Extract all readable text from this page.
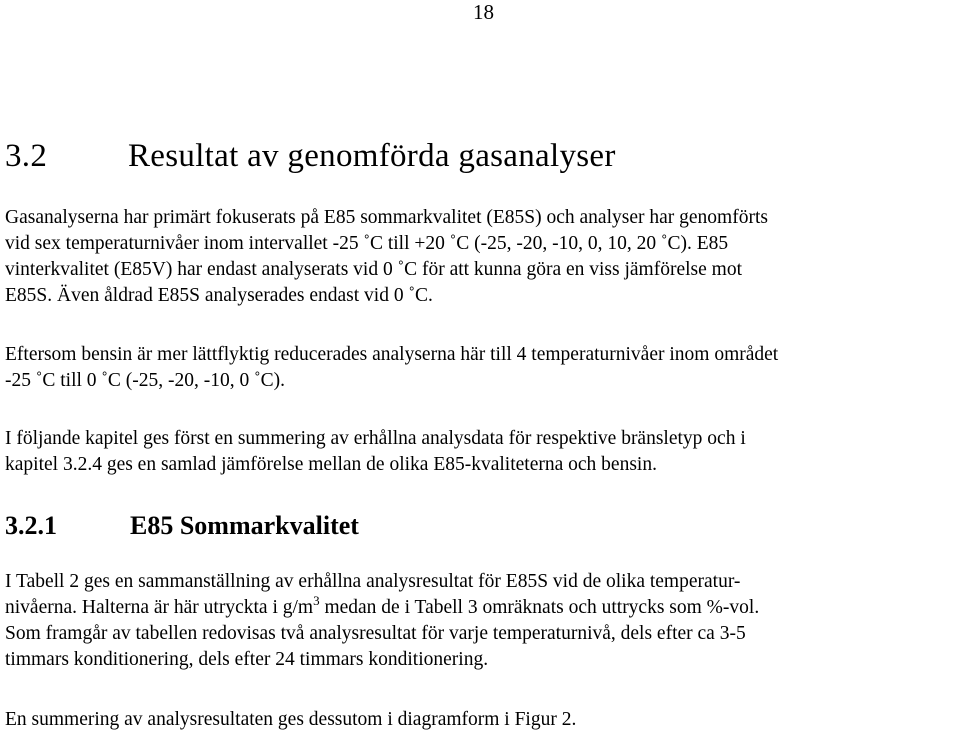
18
3.2 Resultat av genomförda gasanalyser
Gasanalyserna har primärt fokuserats på E85 sommarkvalitet (E85S) och analyser har genomförts
vid sex temperaturnivåer inom intervallet -25 ˚C till +20 ˚C (-25, -20, -10, 0, 10, 20 ˚C). E85
vinterkvalitet (E85V) har endast analyserats vid 0 ˚C för att kunna göra en viss jämförelse mot
E85S. Även åldrad E85S analyserades endast vid 0 ˚C.
Eftersom bensin är mer lättflyktig reducerades analyserna här till 4 temperaturnivåer inom området
-25 ˚C till 0 ˚C (-25, -20, -10, 0 ˚C).
I följande kapitel ges först en summering av erhållna analysdata för respektive bränsletyp och i
kapitel 3.2.4 ges en samlad jämförelse mellan de olika E85-kvaliteterna och bensin.
3.2.1	E85 Sommarkvalitet
I Tabell 2 ges en sammanställning av erhållna analysresultat för E85S vid de olika temperatur-
nivåerna. Halterna är här utryckta i $g/m^3$ medan de i Tabell 3 omräknats och uttrycks som %-vol.
Som framgår av tabellen redovisas två analysresultat för varje temperaturnivå, dels efter ca 3-5
timmars konditionering, dels efter 24 timmars konditionering.
En summering av analysresultaten ges dessutom i diagramform i Figur 2.
